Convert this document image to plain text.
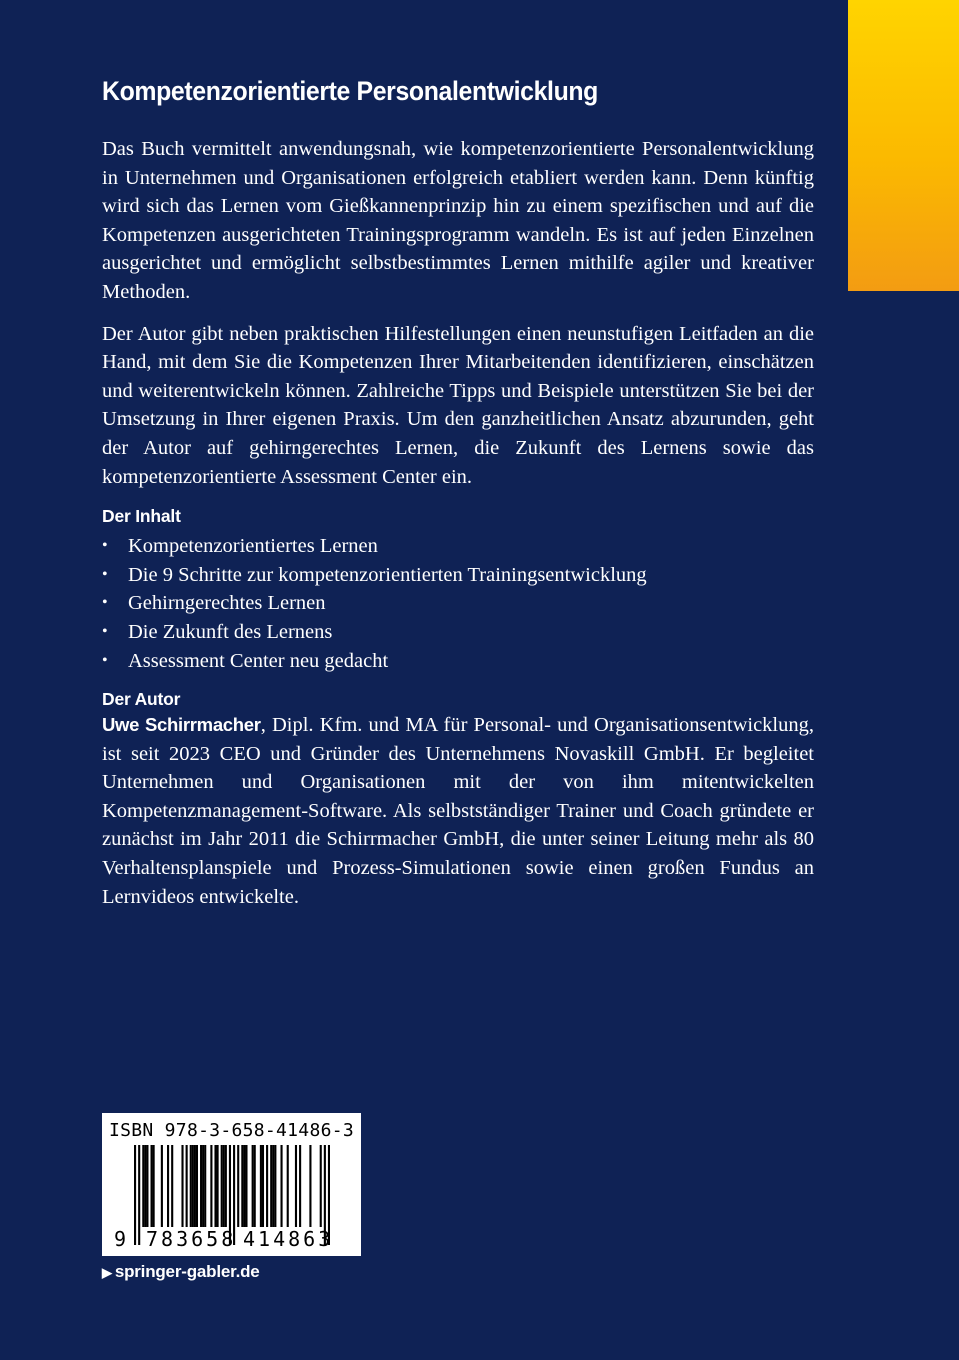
Kompetenzorientierte Personalentwicklung

Das Buch vermittelt anwendungsnah, wie kompetenzorientierte Personalentwicklung in Unternehmen und Organisationen erfolgreich etabliert werden kann. Denn künftig wird sich das Lernen vom Gießkannenprinzip hin zu einem spezifischen und auf die Kompetenzen ausgerichteten Trainingsprogramm wandeln. Es ist auf jeden Einzelnen ausgerichtet und ermöglicht selbstbestimmtes Lernen mithilfe agiler und kreativer Methoden.

Der Autor gibt neben praktischen Hilfestellungen einen neunstufigen Leitfaden an die Hand, mit dem Sie die Kompetenzen Ihrer Mitarbeitenden identifizieren, einschätzen und weiterentwickeln können. Zahlreiche Tipps und Beispiele unterstützen Sie bei der Umsetzung in Ihrer eigenen Praxis. Um den ganzheitlichen Ansatz abzurunden, geht der Autor auf gehirngerechtes Lernen, die Zukunft des Lernens sowie das kompetenzorientierte Assessment Center ein.

Der Inhalt
• Kompetenzorientiertes Lernen
• Die 9 Schritte zur kompetenzorientierten Trainingsentwicklung
• Gehirngerechtes Lernen
• Die Zukunft des Lernens
• Assessment Center neu gedacht
Der Autor

Uwe Schirrmacher, Dipl. Kfm. und MA für Personal- und Organisationsentwicklung, ist seit 2023 CEO und Gründer des Unternehmens Novaskill GmbH. Er begleitet Unternehmen und Organisationen mit der von ihm mitentwickelten Kompetenzmanagement-Software. Als selbstständiger Trainer und Coach gründete er zunächst im Jahr 2011 die Schirrmacher GmbH, die unter seiner Leitung mehr als 80 Verhaltensplanspiele und Prozess-Simulationen sowie einen großen Fundus an Lernvideos entwickelte.

ISBN 978-3-658-41486-3
9 783658 414863
▶ springer-gabler.de
